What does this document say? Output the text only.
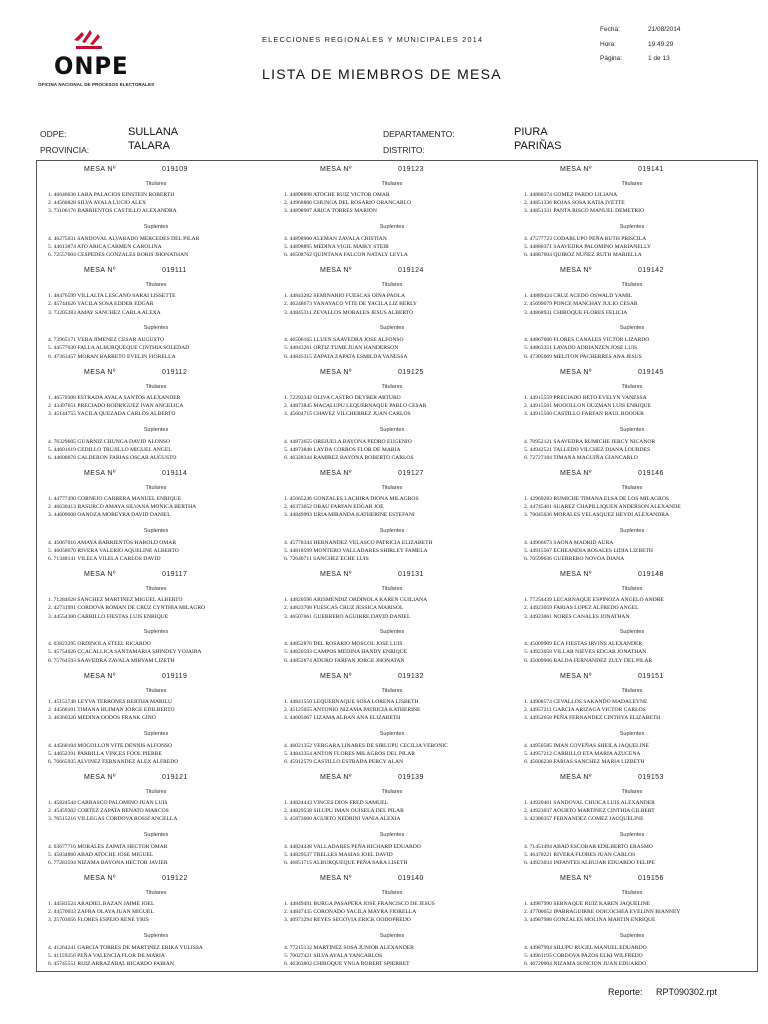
ONPE
OFICINA NACIONAL DE PROCESOS ELECTORALES
ELECCIONES REGIONALES Y MUNICIPALES 2014
LISTA DE MIEMBROS DE MESA
Fecha:	21/08/2014
Hora:	19:49:29
Página:	1 de 13
ODPE:	SULLANA
PROVINCIA:	TALARA
DEPARTAMENTO:	PIURA
DISTRITO:	PARIÑAS
MESA Nº	019109
Titulares
1. 46646036 LARA PALACIOS EINSTEIN ROBERTH
2. 44560828 SILVA AYALA LUCIO ALEX
3. 73106176 BARRIENTOS CASTILLO ALEXANDRA
Suplentes
4. 46275031 SANDOVAL ALVARADO MERCEDES DEL PILAR
5. 44613874 ATO ARICA CARMEN CAROLINA
6. 72557004 CESPEDES GONZALES BORIS JHONATHAN
MESA Nº	019111
Titulares
1. 48476599 VILLALTA LESCANO SARAI LISSETTE
2. 45744626 YACILA SOSA EDDER EDGAR
3. 73205283 AMAY SANCHEZ CARLA ALEXA
Suplentes
4. 73965171 VERA JIMENEZ CESAR AUGUSTO
5. 44577030 FALLA ALBURQUEQUE CINTHIA SOLEDAD
6. 47363457 MORAN BARRETO EVELIN FIORELLA
MESA Nº	019112
Titulares
1. 46570308 ESTRADA AYALA SANTOS ALEXANDER
2. 43497651 PRECIADO RODRIGUEZ IVAN ANGELICA
3. 45144755 YACILA QUEZADA CARLOS ALBERTO
Suplentes
4. 76329605 GUARNIZ CHUNGA DAVID ALONSO
5. 44601619 CEDILLO TRUJILLO MIGUEL ANGEL
6. 44600078 CALDERON FARIAS OSCAR AUGUSTO
MESA Nº	019114
Titulares
1. 44777490 CORNEJO CABRERA MANUEL ENRIQUE
2. 46630413 BASURCO AMAYA SILVANA MONICA BERTHA
3. 44609008 OANOZA MOREYRA DAVID DANIEL
Suplentes
4. 45067016 AMAYA BARRIENTOS HAROLD OMAR
5. 46058670 RIVERA VALERIO AQUELINE ALBERTO
6. 71348141 VILELA VILELA CARLOS DAVID
MESA Nº	019117
Titulares
1. 71284628 SANCHEZ MARTINEZ MIGUEL ALBERTO
2. 42731991 CORDOVA ROMAN DE CRUZ CYNTHIA MILAGRO
3. 44554300 CARRILLO FIESTAS LUIS ENRIQUE
Suplentes
4. 03823295 ORDINOLA STEEL RICARDO
5. 45754026 CCACALLICA SANTAMARIA SHINDEY YOJAIRA
6. 75764593 SAAVEDRA ZAVALA MIRYAM LIZETH
MESA Nº	019119
Titulares
1. 45153748 LEYVA TERRONES BERTHA MARILU
2. 44560101 TIMANA HUIMAN JORGE EDILBERTO
3. 46360320 MEDINA OODOS FRANK GINO
Suplentes
4. 44560104 MOGOLLON VITE DENNIS ALFONSO
5. 44652391 PARRILLA VINCES FOOL PIERRE
6. 76665935 ALVINEZ FERNANDEZ ALEX ALFREDO
MESA Nº	019121
Titulares
1. 45824544 CARRASCO PALOMINO JUAN LUIS
2. 45459302 CORTEZ ZAPATA RENATO MARCOS
3. 76515216 VILLEGAS CORDOVA ROSSI ANGELLA
Suplentes
4. 03677716 MORALES ZAPATA HECTOR OMAR
5. 45834860 ABAD ATOCHE JOSE MIGUEL
6. 77283594 NIZAMA BAYONA HECTOR JAVIER
MESA Nº	019122
Titulares
1. 44583524 ARADIEL BAZAN JAIME JOEL
2. 44570033 ZAFRA OLAYA JUAN MIGUEL
3. 25703056 FLORES ESPEJO RENE YRIS
Suplentes
4. 41264241 GARCIA TORRES DE MARTINEZ ERIKA YULISSA
5. 41159256 PEÑA VALENCIA FLOR DE MARIA
6. 45745551 RUIZ ARRAZABAL RICARDO FABIAN
MESA Nº	019123
Titulares
1. 44898898 ATOCHE RUIZ VICTOR OMAR
2. 44968806 CHUNGA DEL ROSARIO ORANCARLO
3. 44898907 ARICA TORRES MARION
Suplentes
4. 44898900 ALEMAN ZAVALA CRISTIAN
5. 44898895 MEDINA VIGIL MAIKY STEIR
6. 46508762 QUINTANA FALCON NATALY LEYLA
MESA Nº	019124
Titulares
1. 44843282 SEMINARIO FUESCAS OINA PAOLA
2. 46248673 YANAYACO VITE DE YACILA LIZ BERLY
3. 44845311 ZEVALLOS MORALES JESUS ALBERTO
Suplentes
4. 46506165 LLUEN SAAVEDRA JOSE ALFONSO
5. 44843261 ORTIZ TUME JUAN HANDERSON
6. 44845315 ZAPATA ZAPATA ESMILDA VANESSA
MESA Nº	019125
Titulares
1. 72293342 OLIVA CASTRO DEYBER ARTURO
2. 44873845 MACALUPU LEQUERNAQUE PABLO CESAR
3. 45604715 CHAVEZ VILCHERREZ JUAN CARLOS
Suplentes
4. 44873655 OREJUELA BAYONA PEDRO EUGENIO
5. 44873848 LAYDA CORROS FLOR DE MARIA
6. 46328344 RAMIREZ BAYONA ROBERTO CARLOS
MESA Nº	019127
Titulares
1. 45665246 GONZALES LACHIRA DIONA MILAGROS
2. 46373652 OBAU FARFAN EDGAR JOE
3. 44849993 URIA MIRANDA KATHERINE ESTEFANI
Suplentes
4. 45778344 HERNANDEZ VELASCO PATRICIA ELIZABETH
5. 44818599 MONTERO VALLADARES SHIRLEY FAMELA
6. 72640711 SANCHEZ ECHE LUIS
MESA Nº	019131
Titulares
1. 44820596 ARISMENDIZ ORDINOLA KAREN GUILIANA
2. 44823708 FUESCAS CRUZ JESSICA MARISOL
3. 46507061 GUERRERO AGUIRRE DAVID DANIEL
Suplentes
4. 44852876 DEL ROSARIO MOSCOL JOSE LUIS
5. 44820593 CAMPOS MEDINA HANDY ENRIQUE
6. 44852874 ADURO FARFAN JORGE JHONATAN
MESA Nº	019132
Titulares
1. 44841550 LEQUERNAQUE SOSA LORENA LISBETH
2. 45125055 ANTONIO NIZAMA PATRICIA KATHERINE
3. 44605067 LIZAMA ALBAN ANA ELIZABETH
Suplentes
4. 46021352 VERGARA LINARES DE SIRLUPU CECILIA VERONIC
5. 44843354 ANTON FLORES MILAGROS DEL PILAR
6. 45912579 CASTILLO ESTRADA PERCY ALAN
MESA Nº	019139
Titulares
1. 44824443 VINCES DIOS FRED SAMUEL
2. 44829538 SILUPU IMAN OUISELA DEL PILAR
3. 45873660 AGURTO NEDRINI VANIA ALEXIA
Suplentes
4. 44824438 VALLADARES PEÑA RICHARD EDUARDO
5. 44829537 TRELLES MASIAS JOEL DAVID
6. 46851715 ALBURQUEQUE PEÑA SARA LISETH
MESA Nº	019140
Titulares
1. 44849491 BURGA PASAPERA JOSE FRANCISCO DE JESUS
2. 44847435 CORONADO YACILA MAYRA FIORELLA
3. 40973294 REYES SEGOVIA ERICK OODOPREDO
Suplentes
4. 77215132 MARTINEZ SOSA JUNIOR ALEXANDER
5. 70027421 SILVA AYALA YANCARLOS
6. 46363802 CHIROQUE YNGA ROBERT SPIERRET
MESA Nº	019141
Titulares
1. 44880374 GOMEZ PARDO LILIANA
2. 44851336 ROJAS SOSA KATIA IVETTE
3. 44851331 PANTA RISCO MANUEL DEMETRIO
Suplentes
4. 47577723 CODARLUPO PEÑA RUTH PRISCILA
5. 44880371 SAAVEDRA PALOMINO MARIANELLY
6. 44887604 QUIROZ NUÑEZ RUTH MARIELLA
MESA Nº	019142
Titulares
1. 44889424 CRUZ ACEDO OSWALD YAMIL
2. 45699079 PONCE MANCHAY JULIO CESAR
3. 44868931 CHIROQUE FLORES FELICIA
Suplentes
4. 44867606 FLORES CANALES VICTOR LIZARDO
5. 44863351 LAVADO ADRIANZEN JOSE LUIS
6. 47305669 MELITON PACHERRES ANA JESUS
MESA Nº	019145
Titulares
1. 44915559 PRECIADO RETO EVELYN VANESSA
2. 44915561 MOOOLLON OUZMAN LUIS ENRIQUE
3. 44915560 CASTILLO FARFAN RAUL ROOOER
Suplentes
4. 70952121 SAAVEDRA RUMICHE JERCY NICANOR
5. 44942521 TALLEDO VILCHEZ DIANA LOURDES
6. 72727184 TIMANA MAGUIÑA GIANCARLO
MESA Nº	019146
Titulares
1. 42969283 RUMICHE TIMANA ELSA DE LOS MILAGROS
2. 44745461 SUAREZ CHAPILLIQUEN ANDERSON ALEXANDE
3. 70045036 MORALES VELASQUEZ HEYDI ALEXANDRA
Suplentes
4. 44966673 SAONA MADRID AURA
5. 44915567 ECHEANDIA ROSALES LIDIA LIZBETH
6. 70599636 GUERRERO NOVOA DIANA
MESA Nº	019148
Titulares
1. 77254439 LECARNAQUE ESPINOZA ANGELO ANDRE
2. 44923059 FARIAS LOPEZ ALFREDO ANGEL
3. 44923061 NORES CANALES JONATHAN
Suplentes
4. 45009909 ECA FIESTAS IRVINS ALEXANDER
5. 44923058 VILLAR NIEVES EDGAR JONATHAN
6. 45009906 BALDA FERNANDEZ ZULY DEL PILAR
MESA Nº	019151
Titulares
1. 44908574 CEVALLOS SAKANDO MADALEYNE
2. 44957211 GARCIA ARIZAGA VICTOR CARLOS
3. 44952658 PEÑA FERNANDEZ CINTHYA ELIZABETH
Suplentes
4. 44950585 IMAN COVEÑAS SHEILA JAQUELINE
5. 44957212 CARRILLO ETA MARIA AZUCENA
6. 45606238 FARIAS SANCHEZ MARIA LIZBETH
MESA Nº	019153
Titulares
1. 44920461 SANDOVAL CHUICA LUIS ALEXANDER
2. 44923037 AOURTO MARTINEZ CINTHIA GILBERT
3. 42380357 FERNANDEZ GOMEZ JACQUELINE
Suplentes
4. 71451494 ABAD ESCOBAR EDILBERTO ERASMO
5. 46470221 RIVERA FLORES JUAN CARLOS
6. 44923034 INFANTES ALBUJAR EDUARDO FELIPE
MESA Nº	019156
Titulares
1. 44987990 SERNAQUE RUIZ KAREN JAQUELINE
2. 47700052 IPARRAGUIRRE OOICOCHEA EVELINN BIANNEY
3. 44987988 GONZALES MOLINA MARTIN ENRIQUE
Suplentes
4. 44987994 SILUPU RUGEL MANUEL EDUARDO
5. 44961195 CORDOVA PAZOS ELKI WILFREDO
6. 46720004 NIZAMA SUNCION JUAN EDUARDO
Reporte: RPT090302.rpt
